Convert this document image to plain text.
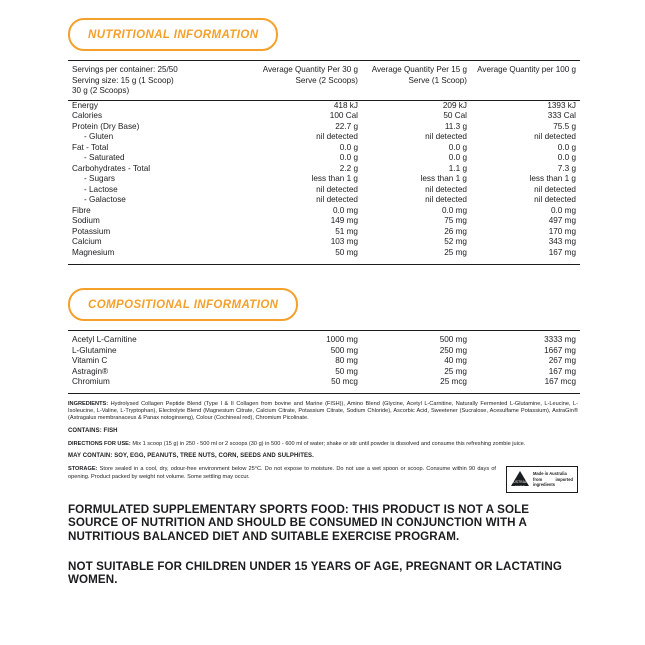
NUTRITIONAL INFORMATION
Servings per container: 25/50
Serving size: 15 g (1 Scoop)
30 g (2 Scoops)	Average Quantity Per 30 g Serve (2 Scoops)	Average Quantity Per 15 g Serve (1 Scoop)	Average Quantity per 100 g
Energy	418 kJ	209 kJ	1393 kJ
Calories	100 Cal	50 Cal	333 Cal
Protein (Dry Base)	22.7 g	11.3 g	75.5 g
- Gluten	nil detected	nil detected	nil detected
Fat - Total	0.0 g	0.0 g	0.0 g
- Saturated	0.0 g	0.0 g	0.0 g
Carbohydrates - Total	2.2 g	1.1 g	7.3 g
- Sugars	less than 1 g	less than 1 g	less than 1 g
- Lactose	nil detected	nil detected	nil detected
- Galactose	nil detected	nil detected	nil detected
Fibre	0.0 mg	0.0 mg	0.0 mg
Sodium	149 mg	75 mg	497 mg
Potassium	51 mg	26 mg	170 mg
Calcium	103 mg	52 mg	343 mg
Magnesium	50 mg	25 mg	167 mg
COMPOSITIONAL INFORMATION
Acetyl L-Carnitine	1000 mg	500 mg	3333 mg
L-Glutamine	500 mg	250 mg	1667 mg
Vitamin C	80 mg	40 mg	267 mg
Astragin®	50 mg	25 mg	167 mg
Chromium	50 mcg	25 mcg	167 mcg
INGREDIENTS: Hydrolysed Collagen Peptide Blend (Type I & II Collagen from bovine and Marine (FISH)), Amino Blend (Glycine, Acetyl L-Carnitine, Naturally Fermented L-Glutamine, L-Leucine, L-Isoleucine, L-Valine, L-Tryptophan), Electrolyte Blend (Magnesium Citrate, Calcium Citrate, Potassium Citrate, Sodium Chloride), Ascorbic Acid, Sweetener (Sucralose, Acesulfame Potassium), AstraGin® (Astragalus membranaceus & Panax notoginseng), Colour (Cochineal red), Chromium Picolinate.
CONTAINS: FISH
DIRECTIONS FOR USE: Mix 1 scoop (15 g) in 250 - 500 ml or 2 scoops (30 g) in 500 - 600 ml of water; shake or stir until powder is dissolved and consume this refreshing zombie juice.
MAY CONTAIN: SOY, EGG, PEANUTS, TREE NUTS, CORN, SEEDS AND SULPHITES.
STORAGE: Store sealed in a cool, dry, odour-free environment below 25°C. Do not expose to moisture. Do not use a wet spoon or scoop. Consume within 90 days of opening. Product packed by weight not volume. Some settling may occur.
AUSTRALIAN MADE
Made in Australia
from imported ingredients
FORMULATED SUPPLEMENTARY SPORTS FOOD: THIS PRODUCT IS NOT A SOLE SOURCE OF NUTRITION AND SHOULD BE CONSUMED IN CONJUNCTION WITH A NUTRITIOUS BALANCED DIET AND SUITABLE EXERCISE PROGRAM.
NOT SUITABLE FOR CHILDREN UNDER 15 YEARS OF AGE, PREGNANT OR LACTATING WOMEN.
